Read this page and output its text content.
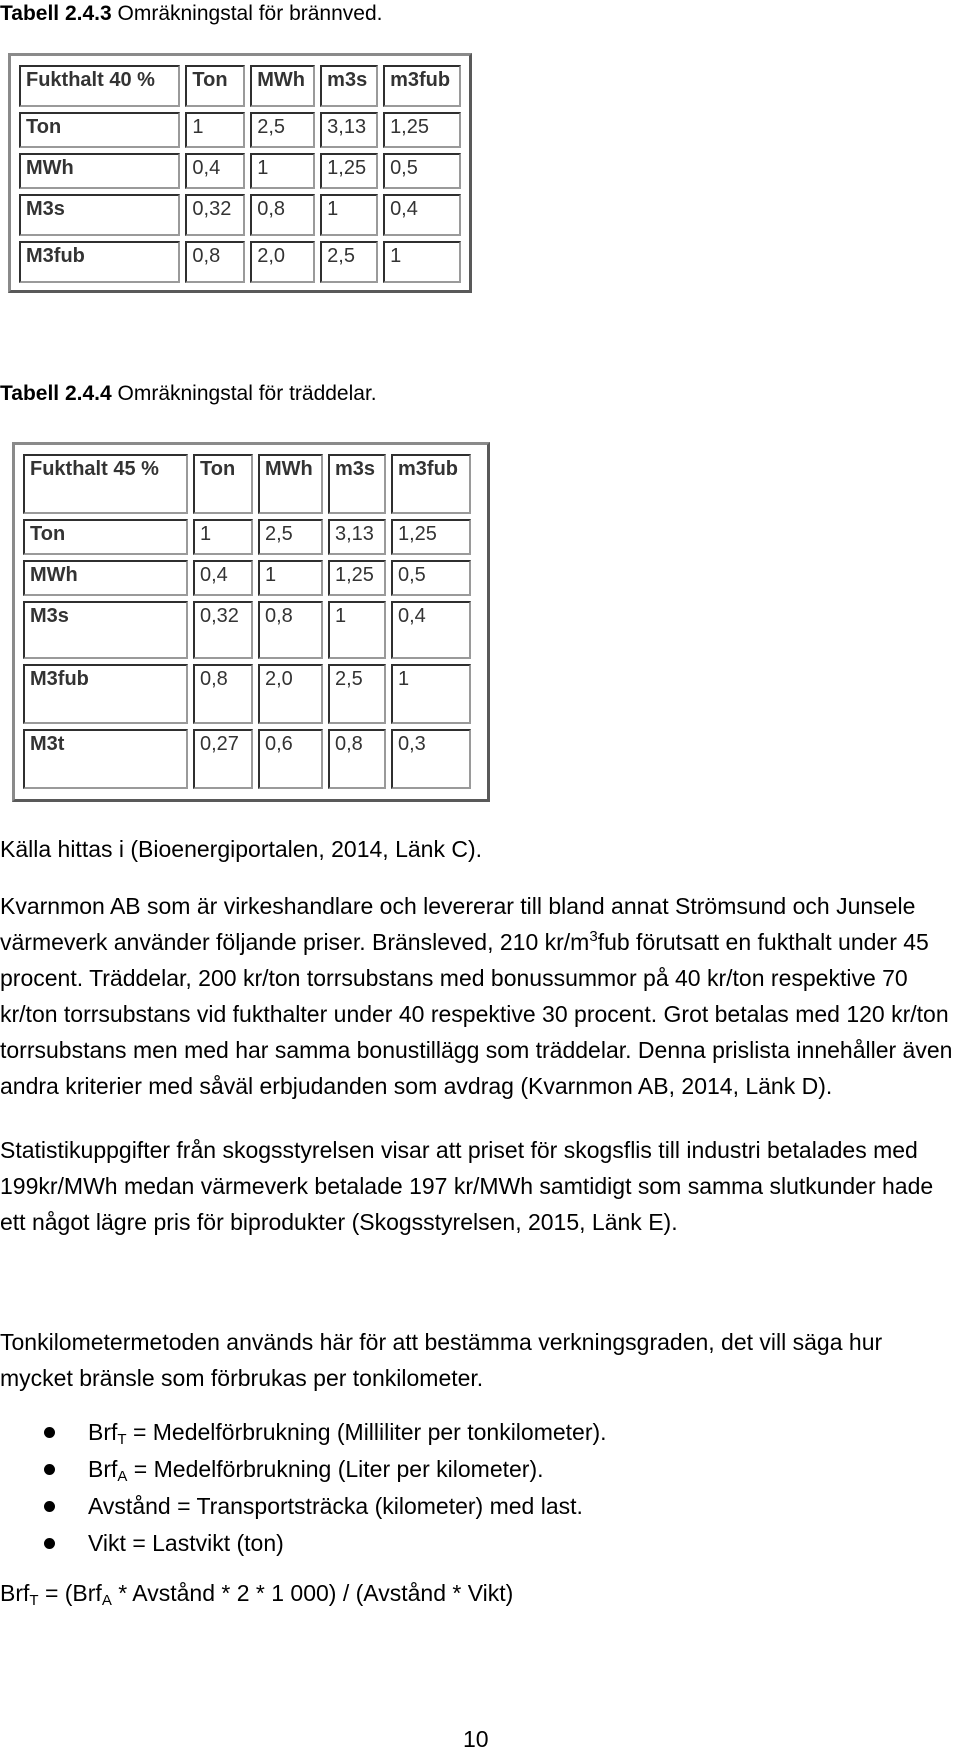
Tabell 2.4.3 Omräkningstal för brännved.
Fukthalt 40 %	Ton	MWh	m3s	m3fub
Ton	1	2,5	3,13	1,25
MWh	0,4	1	1,25	0,5
M3s	0,32	0,8	1	0,4
M3fub	0,8	2,0	2,5	1
Tabell 2.4.4 Omräkningstal för träddelar.
Fukthalt 45 %	Ton	MWh	m3s	m3fub
Ton	1	2,5	3,13	1,25
MWh	0,4	1	1,25	0,5
M3s	0,32	0,8	1	0,4
M3fub	0,8	2,0	2,5	1
M3t	0,27	0,6	0,8	0,3
Källa hittas i (Bioenergiportalen, 2014, Länk C).
Kvarnmon AB som är virkeshandlare och levererar till bland annat Strömsund och Junsele värmeverk använder följande priser. Bränsleved, 210 $kr/m^3fub$ förutsatt en fukthalt under 45 procent. Träddelar, 200 kr/ton torrsubstans med bonussummor på 40 kr/ton respektive 70 kr/ton torrsubstans vid fukthalter under 40 respektive 30 procent. Grot betalas med 120 kr/ton torrsubstans men med har samma bonustillägg som träddelar. Denna prislista innehåller även andra kriterier med såväl erbjudanden som avdrag (Kvarnmon AB, 2014, Länk D).
Statistikuppgifter från skogsstyrelsen visar att priset för skogsflis till industri betalades med 199kr/MWh medan värmeverk betalade 197 kr/MWh samtidigt som samma slutkunder hade ett något lägre pris för biprodukter (Skogsstyrelsen, 2015, Länk E).
Tonkilometermetoden används här för att bestämma verkningsgraden, det vill säga hur mycket bränsle som förbrukas per tonkilometer.
Brf$_T$ = Medelförbrukning (Milliliter per tonkilometer).
Brf$_A$ = Medelförbrukning (Liter per kilometer).
Avstånd = Transportsträcka (kilometer) med last.
Vikt = Lastvikt (ton)
Brf$_T$ = (Brf$_A$ * Avstånd * 2 * 1 000) / (Avstånd * Vikt)
10
